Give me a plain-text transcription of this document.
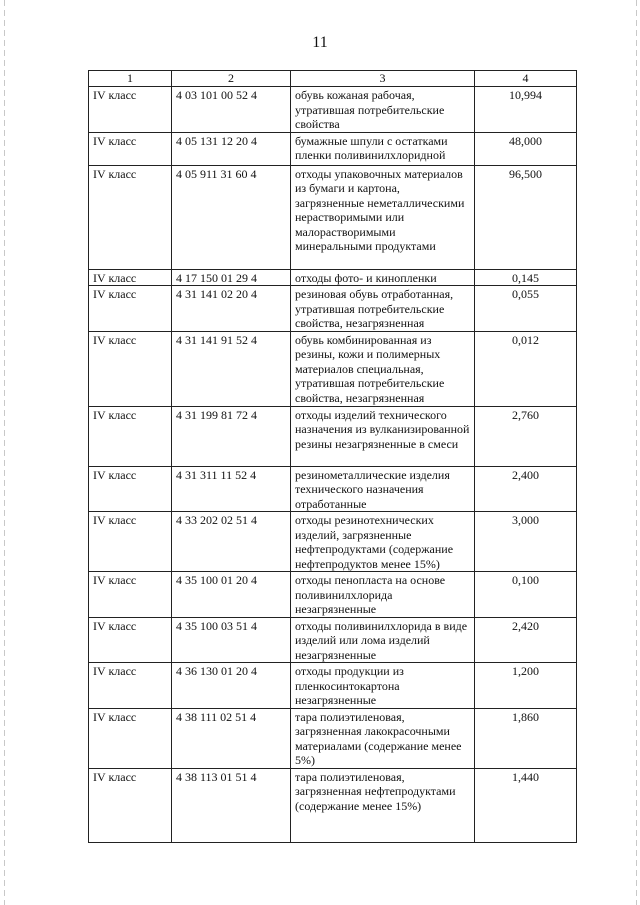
11
1	2	3	4
IV класс	4 03 101 00 52 4	обувь кожаная рабочая, утратившая потребительские свойства	10,994
IV класс	4 05 131 12 20 4	бумажные шпули с остатками пленки поливинилхлоридной	48,000
IV класс	4 05 911 31 60 4	отходы упаковочных материалов из бумаги и картона, загрязненные неметаллическими нерастворимыми или малорастворимыми минеральными продуктами	96,500
IV класс	4 17 150 01 29 4	отходы фото- и кинопленки	0,145
IV класс	4 31 141 02 20 4	резиновая обувь отработанная, утратившая потребительские свойства, незагрязненная	0,055
IV класс	4 31 141 91 52 4	обувь комбинированная из резины, кожи и полимерных материалов специальная, утратившая потребительские свойства, незагрязненная	0,012
IV класс	4 31 199 81 72 4	отходы изделий технического назначения из вулканизированной резины незагрязненные в смеси	2,760
IV класс	4 31 311 11 52 4	резинометаллические изделия технического назначения отработанные	2,400
IV класс	4 33 202 02 51 4	отходы резинотехнических изделий, загрязненные нефтепродуктами (содержание нефтепродуктов менее 15%)	3,000
IV класс	4 35 100 01 20 4	отходы пенопласта на основе поливинилхлорида незагрязненные	0,100
IV класс	4 35 100 03 51 4	отходы поливинилхлорида в виде изделий или лома изделий незагрязненные	2,420
IV класс	4 36 130 01 20 4	отходы продукции из пленкосинтокартона незагрязненные	1,200
IV класс	4 38 111 02 51 4	тара полиэтиленовая, загрязненная лакокрасочными материалами (содержание менее 5%)	1,860
IV класс	4 38 113 01 51 4	тара полиэтиленовая, загрязненная нефтепродуктами (содержание менее 15%)	1,440
